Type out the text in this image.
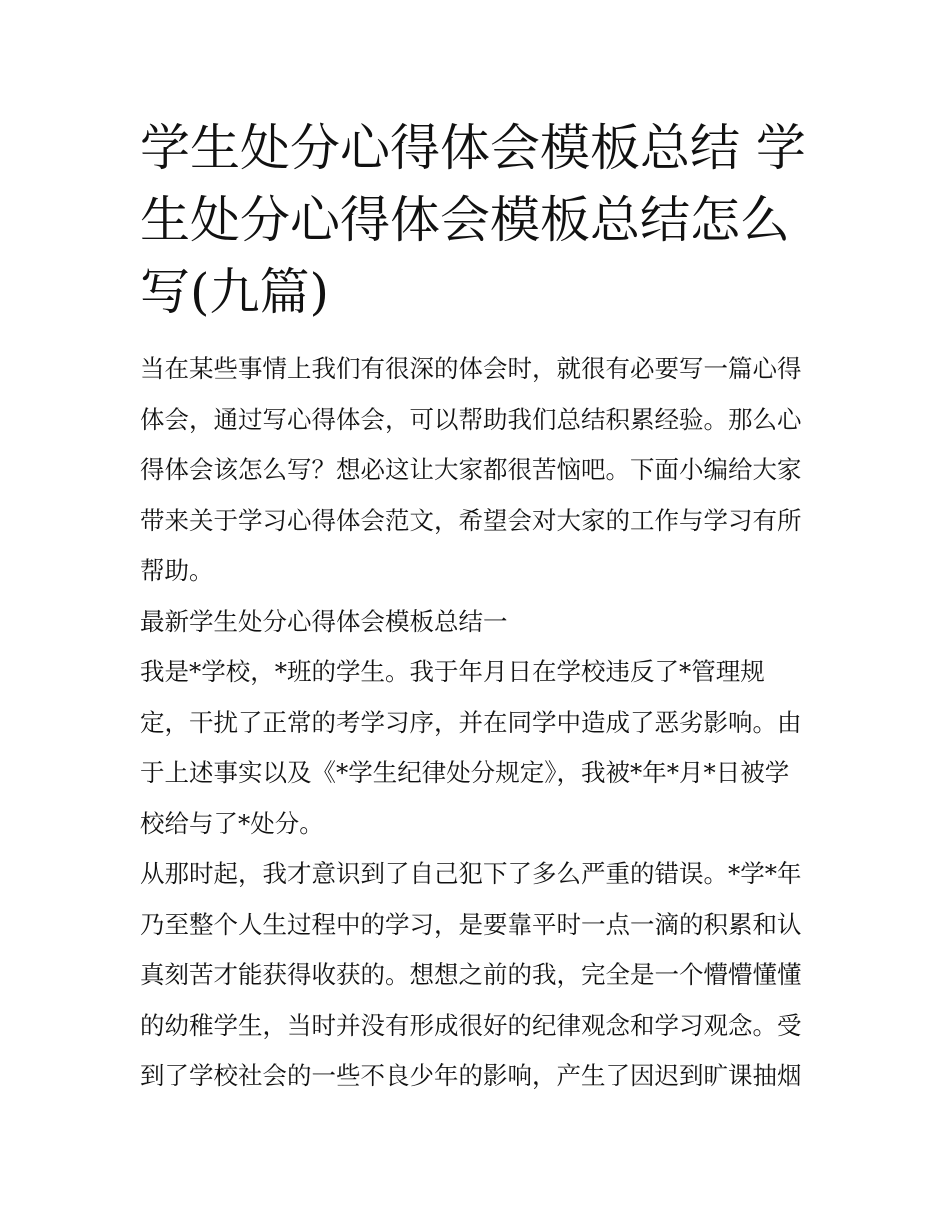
学生处分心得体会模板总结 学
生处分心得体会模板总结怎么
写(九篇)
当在某些事情上我们有很深的体会时，就很有必要写一篇心得
体会，通过写心得体会，可以帮助我们总结积累经验。那么心
得体会该怎么写？想必这让大家都很苦恼吧。下面小编给大家
带来关于学习心得体会范文，希望会对大家的工作与学习有所
帮助。
最新学生处分心得体会模板总结一
我是*学校，*班的学生。我于年月日在学校违反了*管理规
定，干扰了正常的考学习序，并在同学中造成了恶劣影响。由
于上述事实以及《*学生纪律处分规定》，我被*年*月*日被学
校给与了*处分。
从那时起，我才意识到了自己犯下了多么严重的错误。*学*年
乃至整个人生过程中的学习，是要靠平时一点一滴的积累和认
真刻苦才能获得收获的。想想之前的我，完全是一个懵懵懂懂
的幼稚学生，当时并没有形成很好的纪律观念和学习观念。受
到了学校社会的一些不良少年的影响，产生了因迟到旷课抽烟
